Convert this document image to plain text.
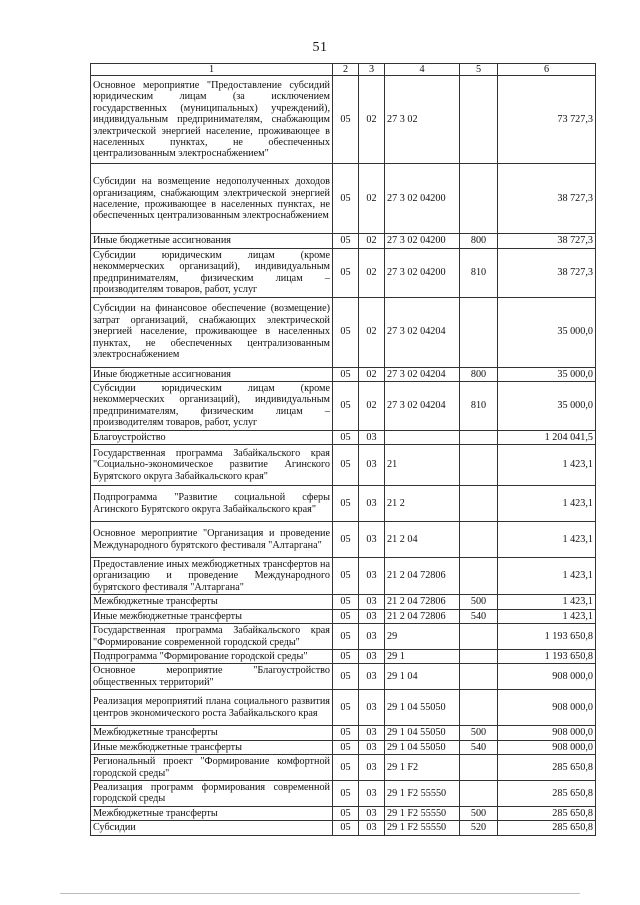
51
1	2	3	4	5	6
Основное мероприятие "Предоставление субсидий юридическим лицам (за исключением государственных (муниципальных) учреждений), индивидуальным предпринимателям, снабжающим электрической энергией население, проживающее в населенных пунктах, не обеспеченных централизованным электроснабжением"	05	02	27 3 02		73 727,3
Субсидии на возмещение недополученных доходов организациям, снабжающим электрической энергией население, проживающее в населенных пунктах, не обеспеченных централизованным электроснабжением	05	02	27 3 02 04200		38 727,3
Иные бюджетные ассигнования	05	02	27 3 02 04200	800	38 727,3
Субсидии юридическим лицам (кроме некоммерческих организаций), индивидуальным предпринимателям, физическим лицам – производителям товаров, работ, услуг	05	02	27 3 02 04200	810	38 727,3
Субсидии на финансовое обеспечение (возмещение) затрат организаций, снабжающих электрической энергией население, проживающее в населенных пунктах, не обеспеченных централизованным электроснабжением	05	02	27 3 02 04204		35 000,0
Иные бюджетные ассигнования	05	02	27 3 02 04204	800	35 000,0
Субсидии юридическим лицам (кроме некоммерческих организаций), индивидуальным предпринимателям, физическим лицам – производителям товаров, работ, услуг	05	02	27 3 02 04204	810	35 000,0
Благоустройство	05	03			1 204 041,5
Государственная программа Забайкальского края "Социально-экономическое развитие Агинского Бурятского округа Забайкальского края"	05	03	21		1 423,1
Подпрограмма "Развитие социальной сферы Агинского Бурятского округа Забайкальского края"	05	03	21 2		1 423,1
Основное мероприятие "Организация и проведение Международного бурятского фестиваля "Алтаргана"	05	03	21 2 04		1 423,1
Предоставление иных межбюджетных трансфертов на организацию и проведение Международного бурятского фестиваля "Алтаргана"	05	03	21 2 04 72806		1 423,1
Межбюджетные трансферты	05	03	21 2 04 72806	500	1 423,1
Иные межбюджетные трансферты	05	03	21 2 04 72806	540	1 423,1
Государственная программа Забайкальского края "Формирование современной городской среды"	05	03	29		1 193 650,8
Подпрограмма "Формирование городской среды"	05	03	29 1		1 193 650,8
Основное мероприятие "Благоустройство общественных территорий"	05	03	29 1 04		908 000,0
Реализация мероприятий плана социального развития центров экономического роста Забайкальского края	05	03	29 1 04 55050		908 000,0
Межбюджетные трансферты	05	03	29 1 04 55050	500	908 000,0
Иные межбюджетные трансферты	05	03	29 1 04 55050	540	908 000,0
Региональный проект "Формирование комфортной городской среды"	05	03	29 1 F2		285 650,8
Реализация программ формирования современной городской среды	05	03	29 1 F2 55550		285 650,8
Межбюджетные трансферты	05	03	29 1 F2 55550	500	285 650,8
Субсидии	05	03	29 1 F2 55550	520	285 650,8
